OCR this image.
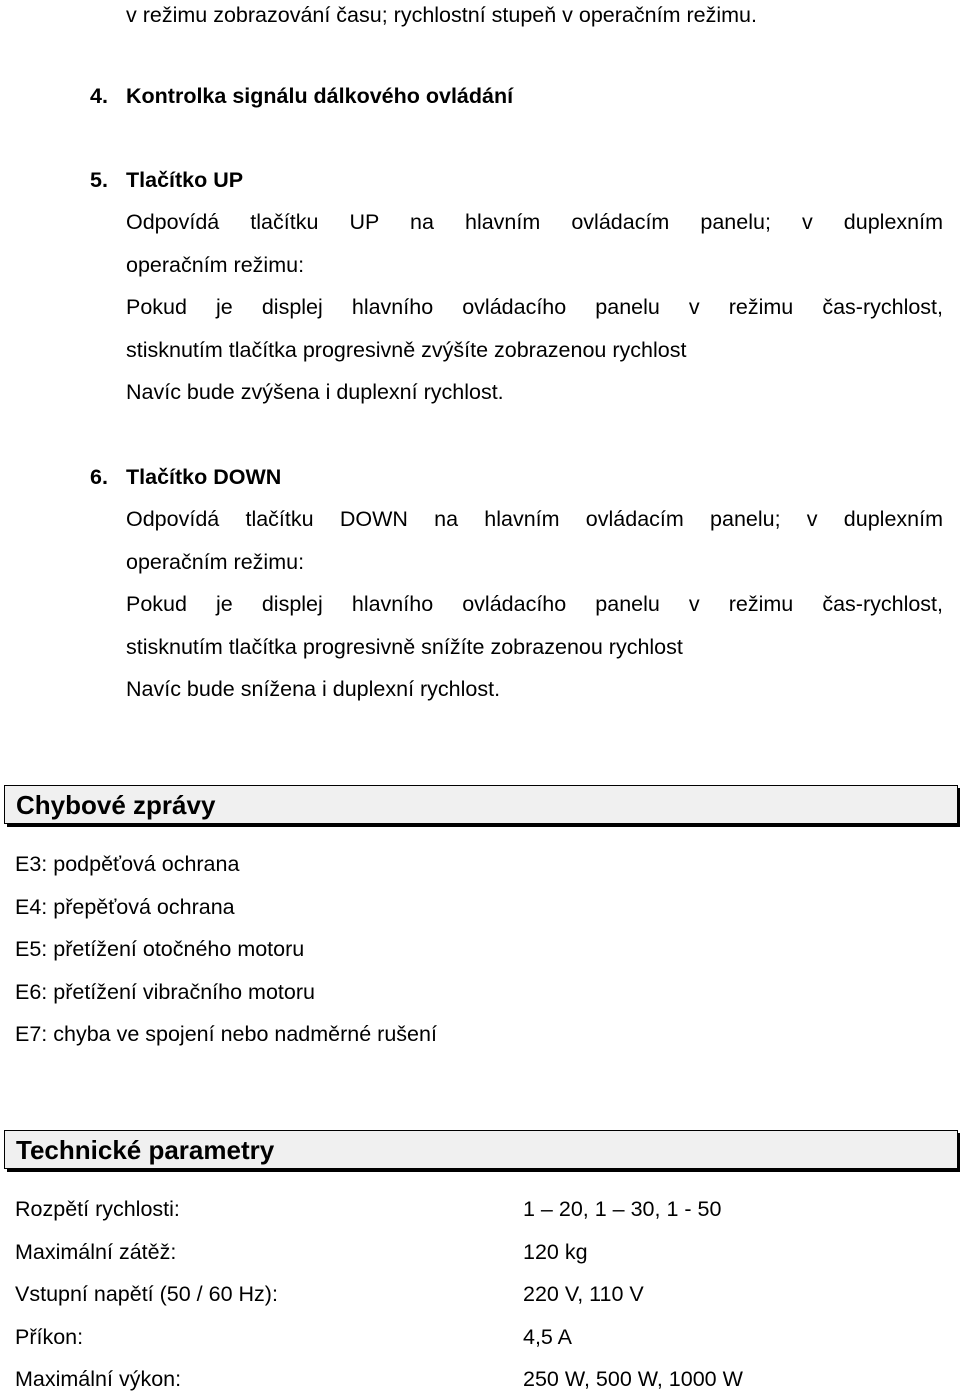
v režimu zobrazování času; rychlostní stupeň v operačním režimu.
4. Kontrolka signálu dálkového ovládání
5. Tlačítko UP
Odpovídá tlačítku UP na hlavním ovládacím panelu; v duplexním
operačním režimu:
Pokud je displej hlavního ovládacího panelu v režimu čas-rychlost,
stisknutím tlačítka progresivně zvýšíte zobrazenou rychlost
Navíc bude zvýšena i duplexní rychlost.
6. Tlačítko DOWN
Odpovídá tlačítku DOWN na hlavním ovládacím panelu; v duplexním
operačním režimu:
Pokud je displej hlavního ovládacího panelu v režimu čas-rychlost,
stisknutím tlačítka progresivně snížíte zobrazenou rychlost
Navíc bude snížena i duplexní rychlost.
Chybové zprávy
E3: podpěťová ochrana
E4: přepěťová ochrana
E5: přetížení otočného motoru
E6: přetížení vibračního motoru
E7: chyba ve spojení nebo nadměrné rušení
Technické parametry
Rozpětí rychlosti:	1 – 20, 1 – 30, 1 - 50
Maximální zátěž:	120 kg
Vstupní napětí (50 / 60 Hz):	220 V, 110 V
Příkon:	4,5 A
Maximální výkon:	250 W, 500 W, 1000 W
